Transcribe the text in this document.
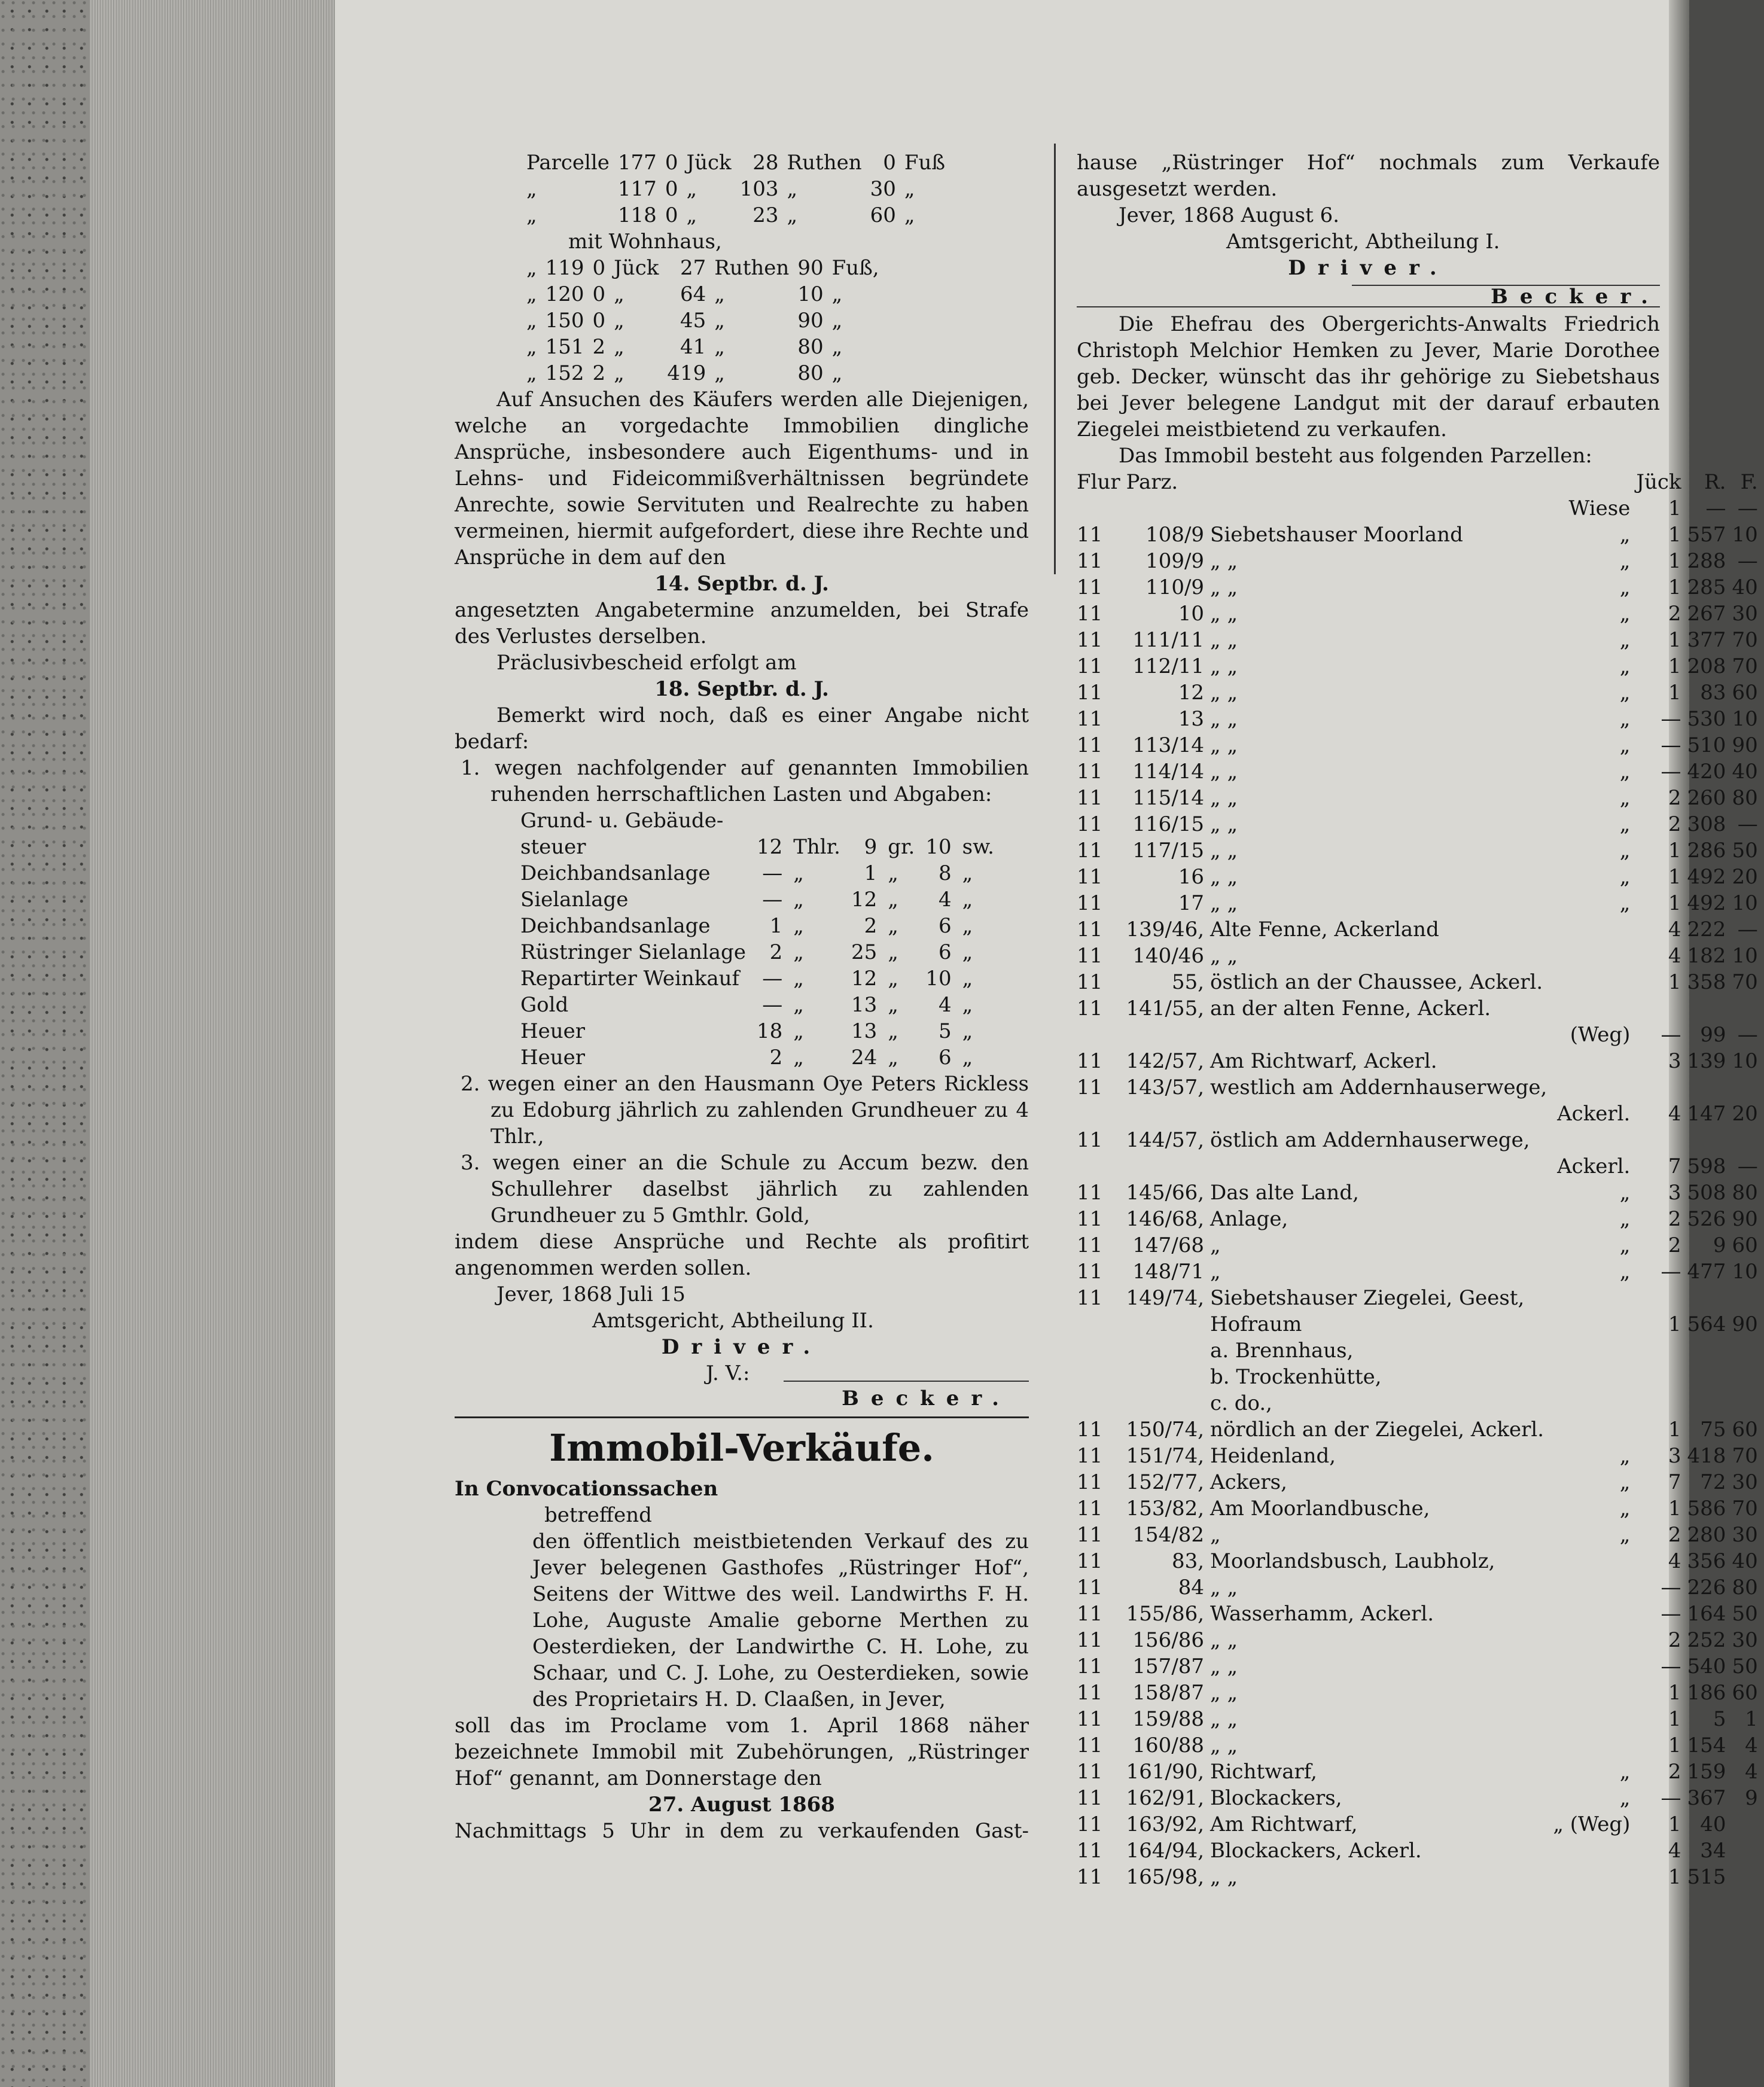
Parcelle	177	0	Jück	28	Ruthen	0	Fuß
„	117	0	„	103	„	30	„
„	118	0	„	23	„	60	„

mit Wohnhaus,

„	119	0	Jück	27	Ruthen	90	Fuß,
„	120	0	„	64	„	10	„
„	150	0	„	45	„	90	„
„	151	2	„	41	„	80	„
„	152	2	„	419	„	80	„

Auf Ansuchen des Käufers werden alle Diejenigen, welche an vorgedachte Immobilien dingliche Ansprüche, insbesondere auch Eigenthums- und in Lehns- und Fideicommißverhältnissen begründete Anrechte, sowie Servituten und Realrechte zu haben vermeinen, hiermit aufgefordert, diese ihre Rechte und Ansprüche in dem auf den

14. Septbr. d. J.

angesetzten Angabetermine anzumelden, bei Strafe des Verlustes derselben.

Präclusivbescheid erfolgt am

18. Septbr. d. J.

Bemerkt wird noch, daß es einer Angabe nicht bedarf:

1. wegen nachfolgender auf genannten Immobilien ruhenden herrschaftlichen Lasten und Abgaben:

Grund- u. Gebäude-						
steuer	12	Thlr.	9	gr.	10	sw.
Deichbandsanlage	—	„	1	„	8	„
Sielanlage	—	„	12	„	4	„
Deichbandsanlage	1	„	2	„	6	„
Rüstringer Sielanlage	2	„	25	„	6	„
Repartirter Weinkauf	—	„	12	„	10	„
Gold	—	„	13	„	4	„
Heuer	18	„	13	„	5	„
Heuer	2	„	24	„	6	„

2. wegen einer an den Hausmann Oye Peters Rickless zu Edoburg jährlich zu zahlenden Grundheuer zu 4 Thlr.,

3. wegen einer an die Schule zu Accum bezw. den Schullehrer daselbst jährlich zu zahlenden Grundheuer zu 5 Gmthlr. Gold,

indem diese Ansprüche und Rechte als profitirt angenommen werden sollen.

Jever, 1868 Juli 15

Amtsgericht, Abtheilung II.

Driver.

J. V.:

Becker.

Immobil-Verkäufe.

In Convocationssachen

betreffend

den öffentlich meistbietenden Verkauf des zu Jever belegenen Gasthofes „Rüstringer Hof“, Seitens der Wittwe des weil. Landwirths F. H. Lohe, Auguste Amalie geborne Merthen zu Oesterdieken, der Landwirthe C. H. Lohe, zu Schaar, und C. J. Lohe, zu Oesterdieken, sowie des Proprietairs H. D. Claaßen, in Jever,

soll das im Proclame vom 1. April 1868 näher bezeichnete Immobil mit Zubehörungen, „Rüstringer Hof“ genannt, am Donnerstage den

27. August 1868

Nachmittags 5 Uhr in dem zu verkaufenden Gast-

hause „Rüstringer Hof“ nochmals zum Verkaufe ausgesetzt werden.

Jever, 1868 August 6.

Amtsgericht, Abtheilung I.

Driver.

Becker.

Die Ehefrau des Obergerichts-Anwalts Friedrich Christoph Melchior Hemken zu Jever, Marie Dorothee geb. Decker, wünscht das ihr gehörige zu Siebetshaus bei Jever belegene Landgut mit der darauf erbauten Ziegelei meistbietend zu verkaufen.

Das Immobil besteht aus folgenden Parzellen:

Flur	Parz.			Jück	R.	F.
			Wiese	1	—	—
11	108/9	Siebetshauser Moorland	„	1	557	10
11	109/9	„ „	„	1	288	—
11	110/9	„ „	„	1	285	40
11	10	„ „	„	2	267	30
11	111/11	„ „	„	1	377	70
11	112/11	„ „	„	1	208	70
11	12	„ „	„	1	83	60
11	13	„ „	„	—	530	10
11	113/14	„ „	„	—	510	90
11	114/14	„ „	„	—	420	40
11	115/14	„ „	„	2	260	80
11	116/15	„ „	„	2	308	—
11	117/15	„ „	„	1	286	50
11	16	„ „	„	1	492	20
11	17	„ „	„	1	492	10
11	139/46,	Alte Fenne, Ackerland		4	222	—
11	140/46	„ „		4	182	10
11	55,	östlich an der Chaussee, Ackerl.		1	358	70
11	141/55,	an der alten Fenne, Ackerl.				
			(Weg)	—	99	—
11	142/57,	Am Richtwarf, Ackerl.		3	139	10
11	143/57,	westlich am Addernhauserwege,				
			Ackerl.	4	147	20
11	144/57,	östlich am Addernhauserwege,				
			Ackerl.	7	598	—
11	145/66,	Das alte Land,	„	3	508	80
11	146/68,	Anlage,	„	2	526	90
11	147/68	„	„	2	9	60
11	148/71	„	„	—	477	10
11	149/74,	Siebetshauser Ziegelei, Geest,				
		Hofraum		1	564	90
		a. Brennhaus,				
		b. Trockenhütte,				
		c. do.,				
11	150/74,	nördlich an der Ziegelei, Ackerl.		1	75	60
11	151/74,	Heidenland,	„	3	418	70
11	152/77,	Ackers,	„	7	72	30
11	153/82,	Am Moorlandbusche,	„	1	586	70
11	154/82	„	„	2	280	30
11	83,	Moorlandsbusch, Laubholz,		4	356	40
11	84	„ „		—	226	80
11	155/86,	Wasserhamm, Ackerl.		—	164	50
11	156/86	„ „		2	252	30
11	157/87	„ „		—	540	50
11	158/87	„ „		1	186	60
11	159/88	„ „		1	5	1
11	160/88	„ „		1	154	4
11	161/90,	Richtwarf,	„	2	159	4
11	162/91,	Blockackers,	„	—	367	9
11	163/92,	Am Richtwarf,	„ (Weg)	1	40	
11	164/94,	Blockackers, Ackerl.		4	34	
11	165/98,	„ „		1	515	
